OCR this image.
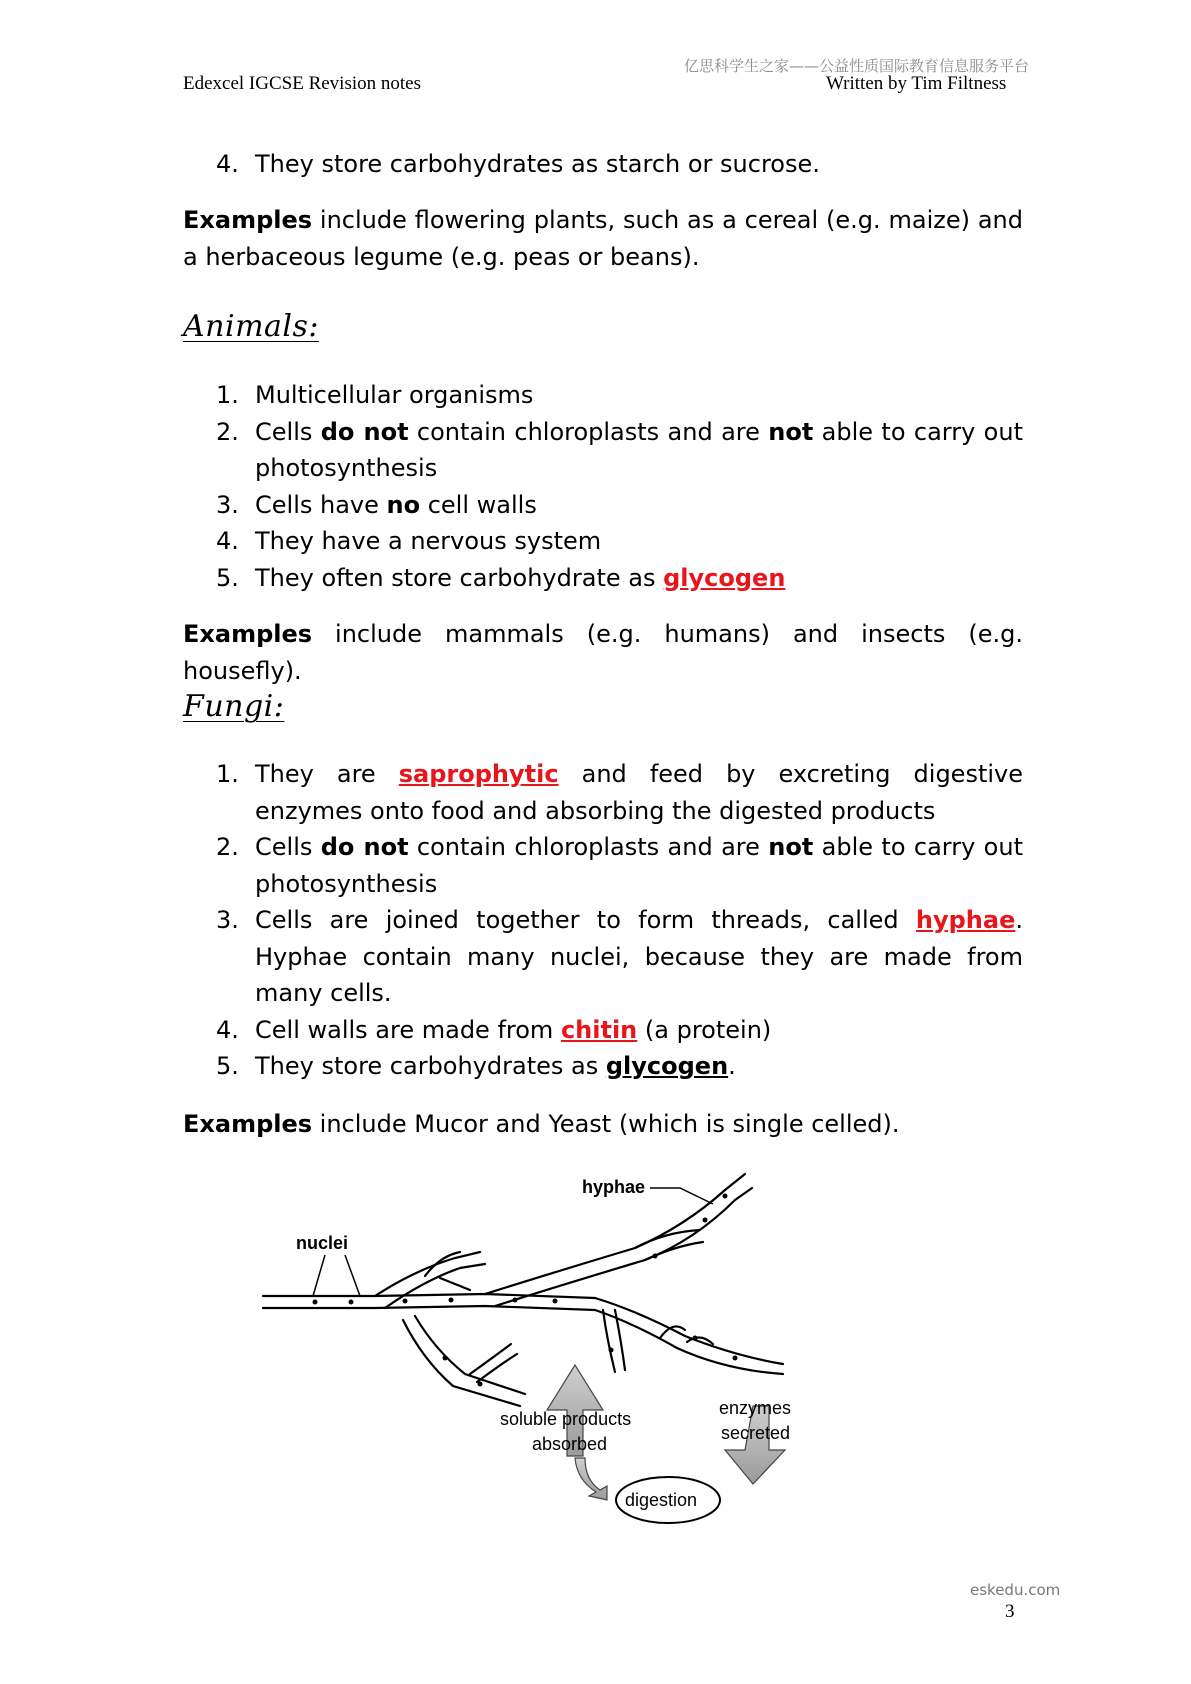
亿思科学生之家——公益性质国际教育信息服务平台
Edexcel IGCSE Revision notes	Written by Tim Filtness
4. They store carbohydrates as starch or sucrose.

Examples include flowering plants, such as a cereal (e.g. maize) and a herbaceous legume (e.g. peas or beans).

Animals:
1. Multicellular organisms
2. Cells do not contain chloroplasts and are not able to carry out photosynthesis
3. Cells have no cell walls
4. They have a nervous system
5. They often store carbohydrate as glycogen

Examples include mammals (e.g. humans) and insects (e.g. housefly).

Fungi:
1. They are saprophytic and feed by excreting digestive enzymes onto food and absorbing the digested products
2. Cells do not contain chloroplasts and are not able to carry out photosynthesis
3. Cells are joined together to form threads, called hyphae. Hyphae contain many nuclei, because they are made from many cells.
4. Cell walls are made from chitin (a protein)
5. They store carbohydrates as glycogen.

Examples include Mucor and Yeast (which is single celled).

hyphae
nuclei
soluble products
absorbed
enzymes
secreted
digestion
eskedu.com
3
